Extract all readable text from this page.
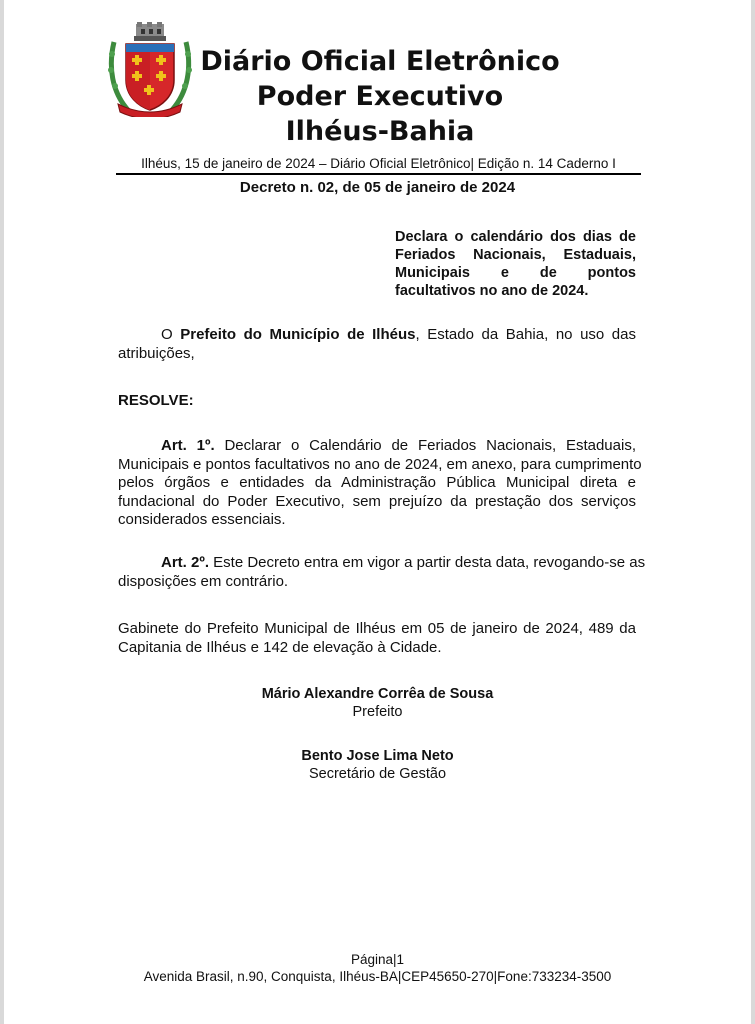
Diário Oficial Eletrônico
Poder Executivo
Ilhéus-Bahia
Ilhéus, 15 de janeiro de 2024 – Diário Oficial Eletrônico| Edição n. 14 Caderno I
Decreto n. 02, de 05 de janeiro de 2024
Declara o calendário dos dias de
Feriados Nacionais, Estaduais,
Municipais e de pontos
facultativos no ano de 2024.
O Prefeito do Município de Ilhéus, Estado da Bahia, no uso das
atribuições,
RESOLVE:
Art. 1º. Declarar o Calendário de Feriados Nacionais, Estaduais,
Municipais e pontos facultativos no ano de 2024, em anexo, para cumprimento
pelos órgãos e entidades da Administração Pública Municipal direta e
fundacional do Poder Executivo, sem prejuízo da prestação dos serviços
considerados essenciais.
Art. 2º. Este Decreto entra em vigor a partir desta data, revogando-se as
disposições em contrário.
Gabinete do Prefeito Municipal de Ilhéus em 05 de janeiro de 2024, 489 da
Capitania de Ilhéus e 142 de elevação à Cidade.
Mário Alexandre Corrêa de Sousa
Prefeito
Bento Jose Lima Neto
Secretário de Gestão
Página|1
Avenida Brasil, n.90, Conquista, Ilhéus-BA|CEP45650-270|Fone:733234-3500
